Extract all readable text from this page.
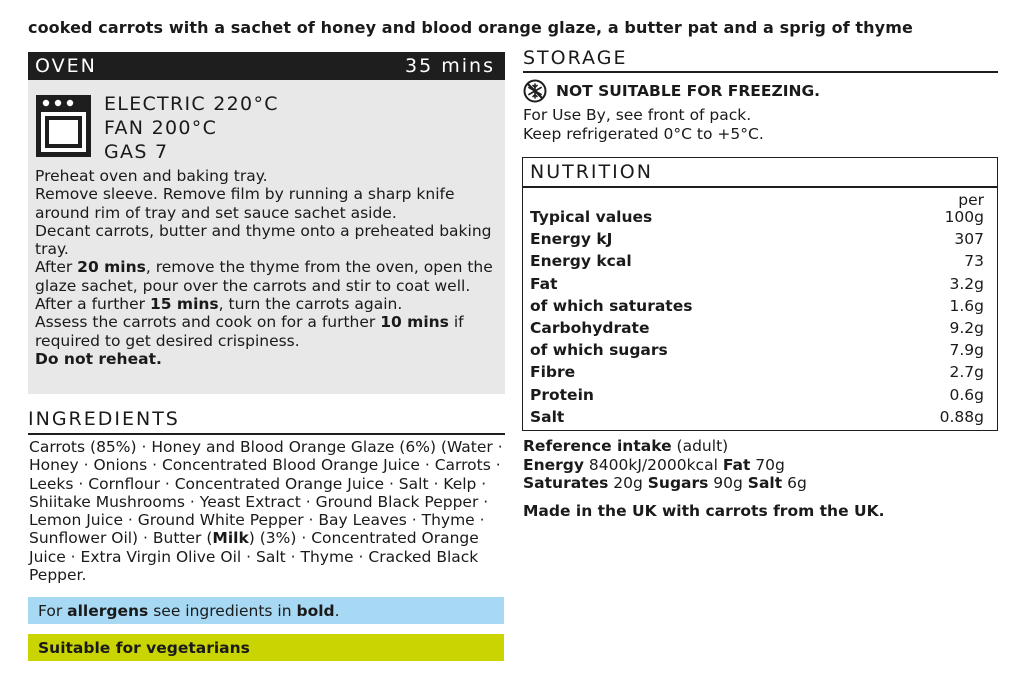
cooked carrots with a sachet of honey and blood orange glaze, a butter pat and a sprig of thyme
OVEN	35 mins
ELECTRIC 220°C
FAN 200°C
GAS 7
Preheat oven and baking tray.
Remove sleeve. Remove film by running a sharp knife around rim of tray and set sauce sachet aside.
Decant carrots, butter and thyme onto a preheated baking tray.
After 20 mins, remove the thyme from the oven, open the glaze sachet, pour over the carrots and stir to coat well.
After a further 15 mins, turn the carrots again.
Assess the carrots and cook on for a further 10 mins if required to get desired crispiness.
Do not reheat.
INGREDIENTS
Carrots (85%) · Honey and Blood Orange Glaze (6%) (Water · Honey · Onions · Concentrated Blood Orange Juice · Carrots · Leeks · Cornflour · Concentrated Orange Juice · Salt · Kelp · Shiitake Mushrooms · Yeast Extract · Ground Black Pepper · Lemon Juice · Ground White Pepper · Bay Leaves · Thyme · Sunflower Oil) · Butter (Milk) (3%) · Concentrated Orange Juice · Extra Virgin Olive Oil · Salt · Thyme · Cracked Black Pepper.
For allergens see ingredients in bold.
Suitable for vegetarians
STORAGE
NOT SUITABLE FOR FREEZING.
For Use By, see front of pack.
Keep refrigerated 0°C to +5°C.
NUTRITION
per
Typical values	100g
Energy kJ	307
Energy kcal	73
Fat	3.2g
of which saturates	1.6g
Carbohydrate	9.2g
of which sugars	7.9g
Fibre	2.7g
Protein	0.6g
Salt	0.88g
Reference intake (adult)
Energy 8400kJ/2000kcal Fat 70g
Saturates 20g Sugars 90g Salt 6g
Made in the UK with carrots from the UK.
